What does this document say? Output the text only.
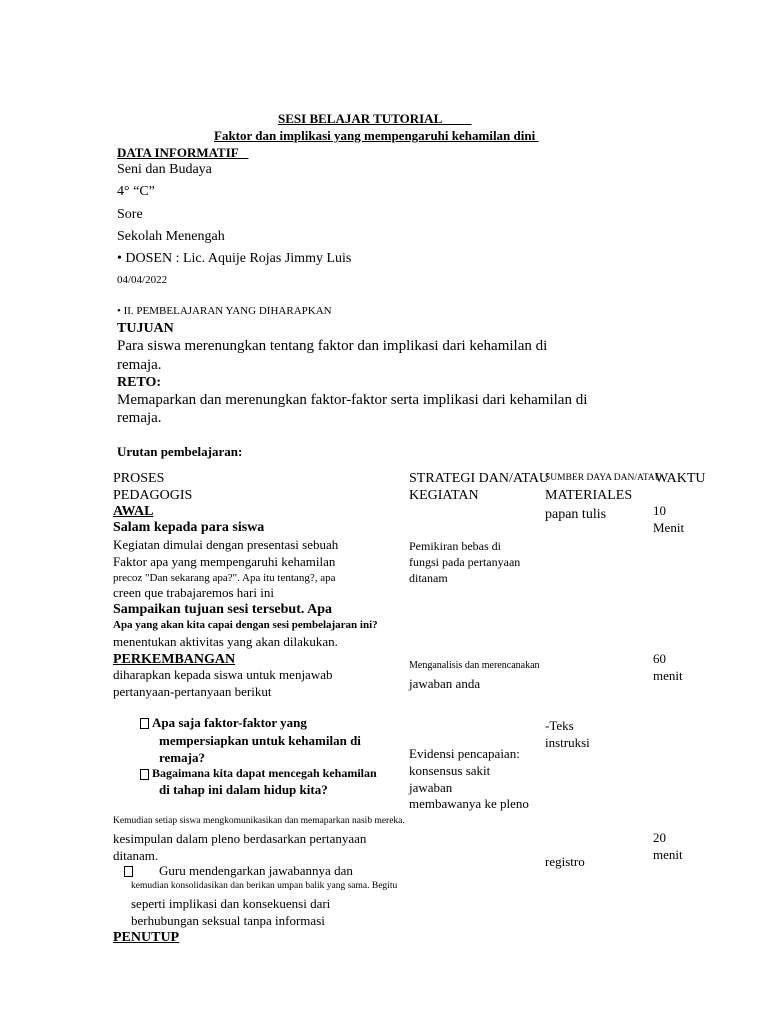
SESI BELAJAR TUTORIAL
Faktor dan implikasi yang mempengaruhi kehamilan dini
DATA INFORMATIF
Seni dan Budaya
4° “C”
Sore
Sekolah Menengah
• DOSEN : Lic. Aquije Rojas Jimmy Luis
04/04/2022
• II. PEMBELAJARAN YANG DIHARAPKAN
TUJUAN
Para siswa merenungkan tentang faktor dan implikasi dari kehamilan di
remaja.
RETO:
Memaparkan dan merenungkan faktor-faktor serta implikasi dari kehamilan di
remaja.
Urutan pembelajaran:
PROSES
PEDAGOGIS
STRATEGI DAN/ATAU
KEGIATAN
SUMBER DAYA DAN/ATAU
MATERIALES
WAKTU
AWAL
Salam kepada para siswa
Kegiatan dimulai dengan presentasi sebuah
Faktor apa yang mempengaruhi kehamilan
precoz "Dan sekarang apa?". Apa itu tentang?, apa
creen que trabajaremos hari ini
Sampaikan tujuan sesi tersebut. Apa
Apa yang akan kita capai dengan sesi pembelajaran ini?
menentukan aktivitas yang akan dilakukan.
Pemikiran bebas di
fungsi pada pertanyaan
ditanam
papan tulis	10
Menit
PERKEMBANGAN
diharapkan kepada siswa untuk menjawab
pertanyaan-pertanyaan berikut
Apa saja faktor-faktor yang
mempersiapkan untuk kehamilan di
remaja?
Bagaimana kita dapat mencegah kehamilan
di tahap ini dalam hidup kita?
Menganalisis dan merencanakan
jawaban anda
Evidensi pencapaian:
konsensus sakit
jawaban
membawanya ke pleno
-Teks
instruksi
60
menit
Kemudian setiap siswa mengkomunikasikan dan memaparkan nasib mereka.
kesimpulan dalam pleno berdasarkan pertanyaan
ditanam.
Guru mendengarkan jawabannya dan
kemudian konsolidasikan dan berikan umpan balik yang sama. Begitu
seperti implikasi dan konsekuensi dari
berhubungan seksual tanpa informasi
registro
20
menit
PENUTUP
